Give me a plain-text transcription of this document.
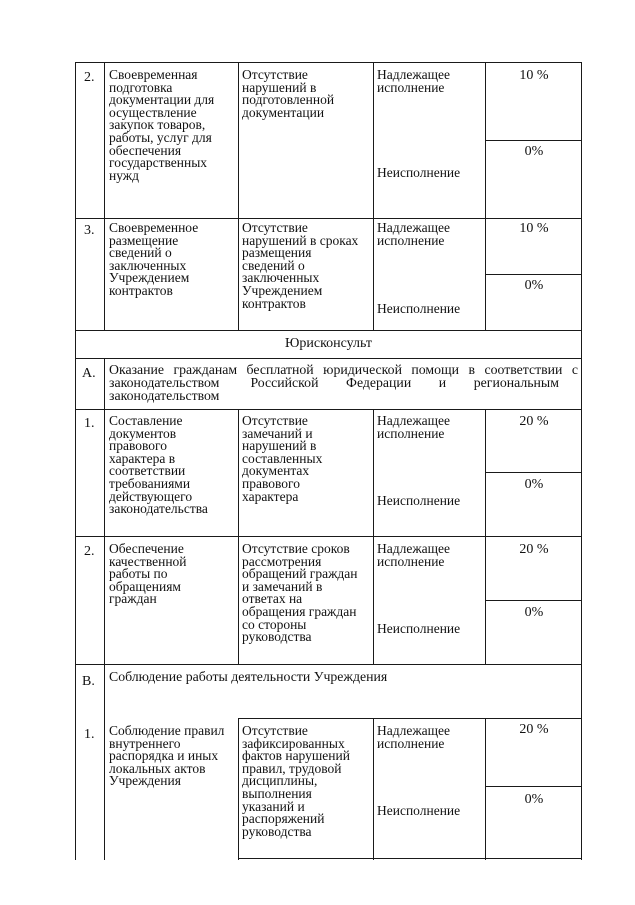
2. Своевременная
подготовка
документации для
осуществление
закупок товаров,
работы, услуг для
обеспечения
государственных
нужд
Отсутствие
нарушений в
подготовленной
документации
Надлежащее
исполнение
Неисполнение
10 %
0%
3. Своевременное
размещение
сведений о
заключенных
Учреждением
контрактов
Отсутствие
нарушений в сроках
размещения
сведений о
заключенных
Учреждением
контрактов
Надлежащее
исполнение
Неисполнение
10 %
0%
Юрисконсульт
А. Оказание гражданам бесплатной юридической помощи в соответствии с
законодательством         Российской        Федерации        и        региональным
законодательством
1. Составление
документов
правового
характера в
соответствии
требованиями
действующего
законодательства
Отсутствие
замечаний и
нарушений в
составленных
документах
правового
характера
Надлежащее
исполнение
Неисполнение
20 %
0%
2. Обеспечение
качественной
работы по
обращениям
граждан
Отсутствие сроков
рассмотрения
обращений граждан
и замечаний в
ответах на
обращения граждан
со стороны
руководства
Надлежащее
исполнение
Неисполнение
20 %
0%
В. Соблюдение работы деятельности Учреждения
1. Соблюдение правил
внутреннего
распорядка и иных
локальных актов
Учреждения
Отсутствие
зафиксированных
фактов нарушений
правил, трудовой
дисциплины,
выполнения
указаний и
распоряжений
руководства
Надлежащее
исполнение
Неисполнение
20 %
0%
